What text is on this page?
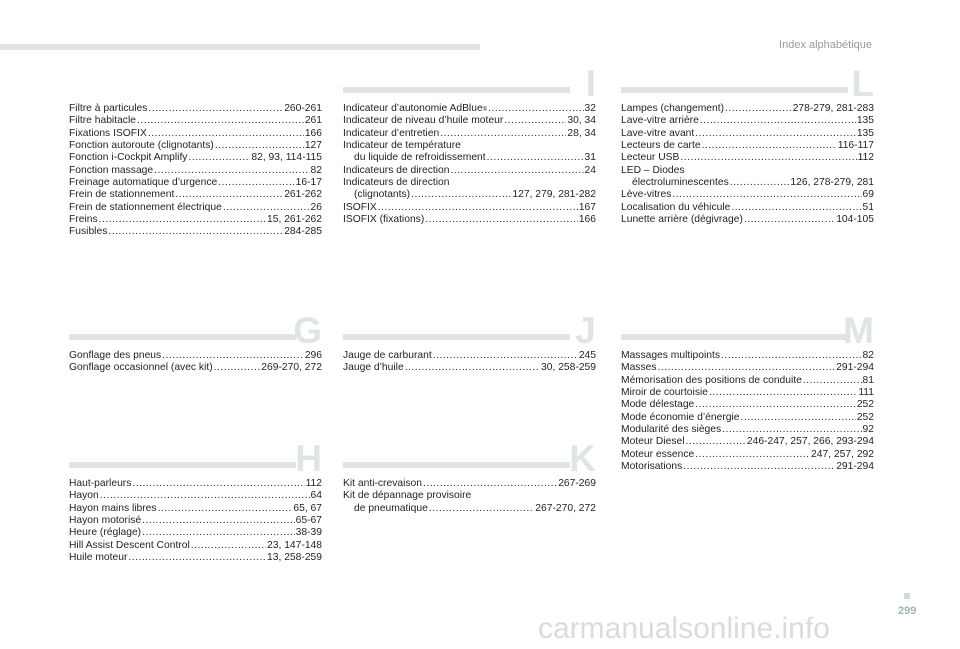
Index alphabétique
Filtre à particules .....	260-261
Filtre habitacle .....	261
Fixations ISOFIX .....	166
Fonction autoroute (clignotants) .....	127
Fonction i-Cockpit Amplify .....	82, 93, 114-115
Fonction massage .....	82
Freinage automatique d’urgence .....	16-17
Frein de stationnement .....	261-262
Frein de stationnement électrique .....	26
Freins .....	15, 261-262
Fusibles .....	284-285
I
Indicateur d’autonomie AdBlue ® .....	32
Indicateur de niveau d’huile moteur .....	30, 34
Indicateur d’entretien .....	28, 34
Indicateur de température
du liquide de refroidissement .....	31
Indicateurs de direction .....	24
Indicateurs de direction
(clignotants) .....	127, 279, 281-282
ISOFIX .....	167
ISOFIX (fixations) .....	166
L
Lampes (changement) .....	278-279, 281-283
Lave-vitre arrière .....	135
Lave-vitre avant .....	135
Lecteurs de carte .....	116-117
Lecteur USB .....	112
LED – Diodes
électroluminescentes .....	126, 278-279, 281
Lève-vitres .....	69
Localisation du véhicule .....	51
Lunette arrière (dégivrage) .....	104-105
G
Gonflage des pneus .....	296
Gonflage occasionnel (avec kit) .....	269-270, 272
J
Jauge de carburant .....	245
Jauge d’huile .....	30, 258-259
M
Massages multipoints .....	82
Masses .....	291-294
Mémorisation des positions de conduite .....	81
Miroir de courtoisie .....	111
Mode délestage .....	252
Mode économie d’énergie .....	252
Modularité des sièges .....	92
Moteur Diesel .....	246-247, 257, 266, 293-294
Moteur essence .....	247, 257, 292
Motorisations .....	291-294
H
Haut-parleurs .....	112
Hayon .....	64
Hayon mains libres .....	65, 67
Hayon motorisé .....	65-67
Heure (réglage) .....	38-39
Hill Assist Descent Control .....	23, 147-148
Huile moteur .....	13, 258-259
K
Kit anti-crevaison .....	267-269
Kit de dépannage provisoire
de pneumatique .....	267-270, 272
299
carmanualsonline.info
